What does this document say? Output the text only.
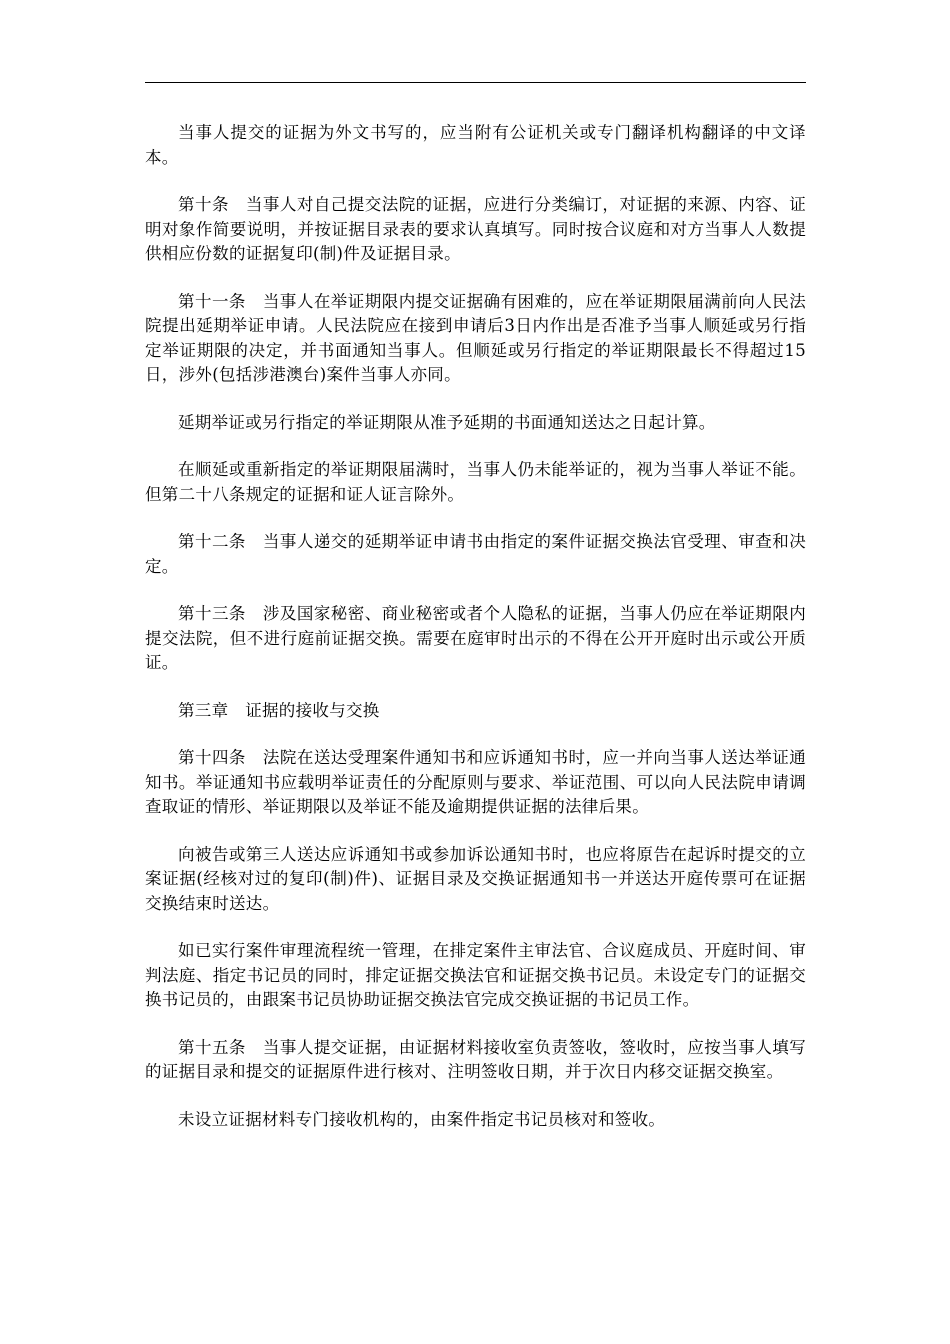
当事人提交的证据为外文书写的，应当附有公证机关或专门翻译机构翻译的中文译本。

第十条　当事人对自己提交法院的证据，应进行分类编订，对证据的来源、内容、证明对象作简要说明，并按证据目录表的要求认真填写。同时按合议庭和对方当事人人数提供相应份数的证据复印(制)件及证据目录。

第十一条　当事人在举证期限内提交证据确有困难的，应在举证期限届满前向人民法院提出延期举证申请。人民法院应在接到申请后3日内作出是否准予当事人顺延或另行指定举证期限的决定，并书面通知当事人。但顺延或另行指定的举证期限最长不得超过15日，涉外(包括涉港澳台)案件当事人亦同。

延期举证或另行指定的举证期限从准予延期的书面通知送达之日起计算。

在顺延或重新指定的举证期限届满时，当事人仍未能举证的，视为当事人举证不能。但第二十八条规定的证据和证人证言除外。

第十二条　当事人递交的延期举证申请书由指定的案件证据交换法官受理、审查和决定。

第十三条　涉及国家秘密、商业秘密或者个人隐私的证据，当事人仍应在举证期限内提交法院，但不进行庭前证据交换。需要在庭审时出示的不得在公开开庭时出示或公开质证。

第三章　证据的接收与交换

第十四条　法院在送达受理案件通知书和应诉通知书时，应一并向当事人送达举证通知书。举证通知书应载明举证责任的分配原则与要求、举证范围、可以向人民法院申请调查取证的情形、举证期限以及举证不能及逾期提供证据的法律后果。

向被告或第三人送达应诉通知书或参加诉讼通知书时，也应将原告在起诉时提交的立案证据(经核对过的复印(制)件)、证据目录及交换证据通知书一并送达开庭传票可在证据交换结束时送达。

如已实行案件审理流程统一管理，在排定案件主审法官、合议庭成员、开庭时间、审判法庭、指定书记员的同时，排定证据交换法官和证据交换书记员。未设定专门的证据交换书记员的，由跟案书记员协助证据交换法官完成交换证据的书记员工作。

第十五条　当事人提交证据，由证据材料接收室负责签收，签收时，应按当事人填写的证据目录和提交的证据原件进行核对、注明签收日期，并于次日内移交证据交换室。

未设立证据材料专门接收机构的，由案件指定书记员核对和签收。
